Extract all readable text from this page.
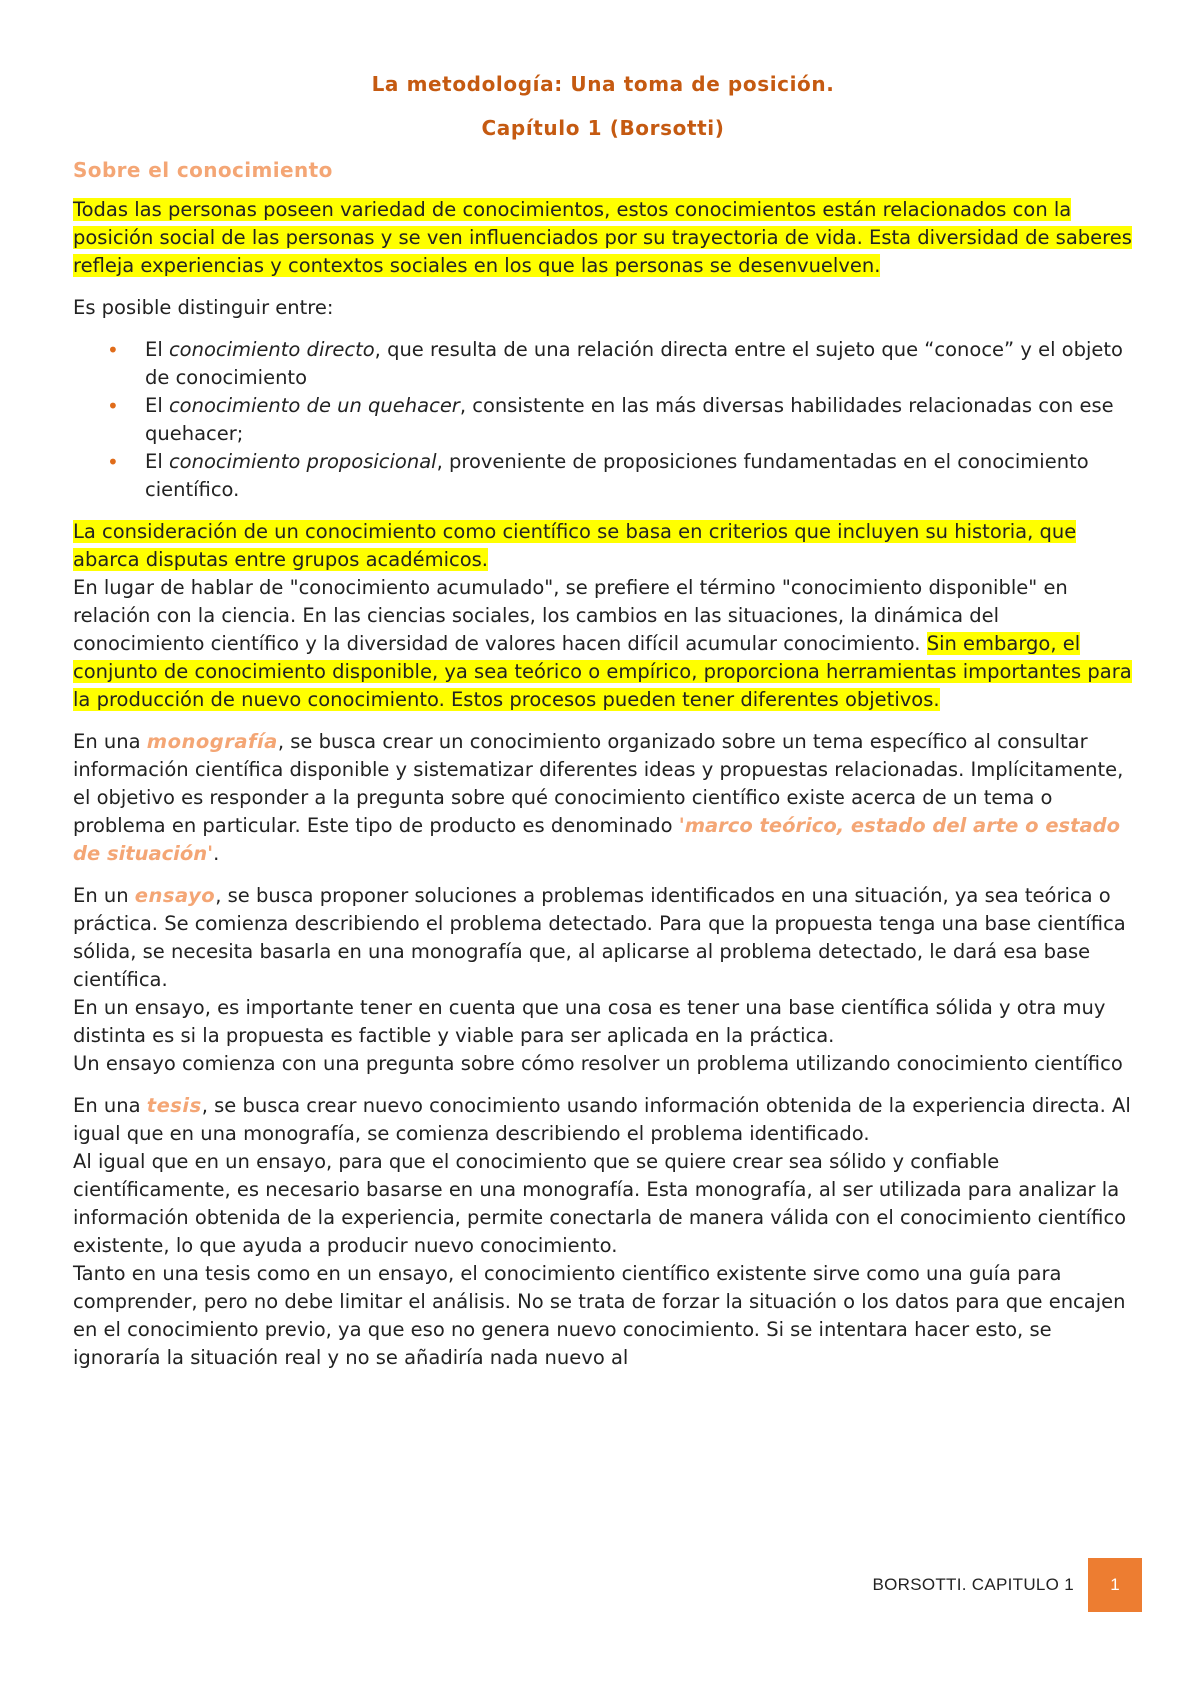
La metodología: Una toma de posición.
Capítulo 1 (Borsotti)
Sobre el conocimiento

Todas las personas poseen variedad de conocimientos, estos conocimientos están relacionados con la posición social de las personas y se ven influenciados por su trayectoria de vida. Esta diversidad de saberes refleja experiencias y contextos sociales en los que las personas se desenvuelven.

Es posible distinguir entre:

• El conocimiento directo, que resulta de una relación directa entre el sujeto que “conoce” y el objeto de conocimiento
• El conocimiento de un quehacer, consistente en las más diversas habilidades relacionadas con ese quehacer;
• El conocimiento proposicional, proveniente de proposiciones fundamentadas en el conocimiento científico.

La consideración de un conocimiento como científico se basa en criterios que incluyen su historia, que abarca disputas entre grupos académicos.
En lugar de hablar de "conocimiento acumulado", se prefiere el término "conocimiento disponible" en relación con la ciencia. En las ciencias sociales, los cambios en las situaciones, la dinámica del conocimiento científico y la diversidad de valores hacen difícil acumular conocimiento. Sin embargo, el conjunto de conocimiento disponible, ya sea teórico o empírico, proporciona herramientas importantes para la producción de nuevo conocimiento. Estos procesos pueden tener diferentes objetivos.

En una monografía, se busca crear un conocimiento organizado sobre un tema específico al consultar información científica disponible y sistematizar diferentes ideas y propuestas relacionadas. Implícitamente, el objetivo es responder a la pregunta sobre qué conocimiento científico existe acerca de un tema o problema en particular. Este tipo de producto es denominado 'marco teórico, estado del arte o estado de situación'.

En un ensayo, se busca proponer soluciones a problemas identificados en una situación, ya sea teórica o práctica. Se comienza describiendo el problema detectado. Para que la propuesta tenga una base científica sólida, se necesita basarla en una monografía que, al aplicarse al problema detectado, le dará esa base científica.
En un ensayo, es importante tener en cuenta que una cosa es tener una base científica sólida y otra muy distinta es si la propuesta es factible y viable para ser aplicada en la práctica.
Un ensayo comienza con una pregunta sobre cómo resolver un problema utilizando conocimiento científico

En una tesis, se busca crear nuevo conocimiento usando información obtenida de la experiencia directa. Al igual que en una monografía, se comienza describiendo el problema identificado.
Al igual que en un ensayo, para que el conocimiento que se quiere crear sea sólido y confiable científicamente, es necesario basarse en una monografía. Esta monografía, al ser utilizada para analizar la información obtenida de la experiencia, permite conectarla de manera válida con el conocimiento científico existente, lo que ayuda a producir nuevo conocimiento.
Tanto en una tesis como en un ensayo, el conocimiento científico existente sirve como una guía para comprender, pero no debe limitar el análisis. No se trata de forzar la situación o los datos para que encajen en el conocimiento previo, ya que eso no genera nuevo conocimiento. Si se intentara hacer esto, se ignoraría la situación real y no se añadiría nada nuevo al

BORSOTTI. CAPITULO 1	1
